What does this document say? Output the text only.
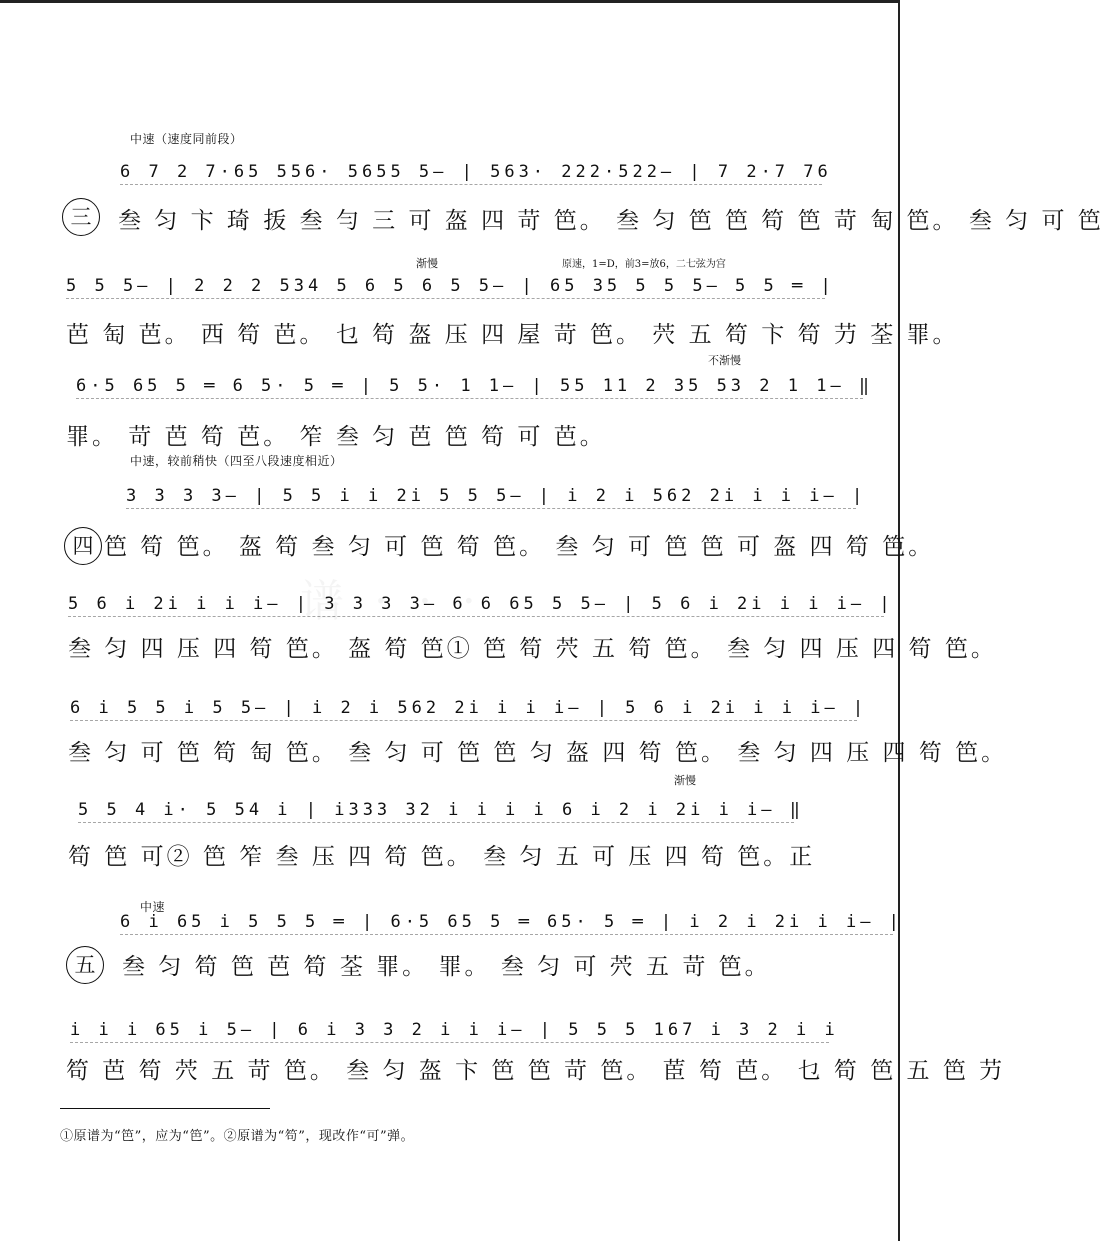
中速（速度同前段）
6 7 2 7·65 556· 5655 5— | 563· 222·522— | 7 2·7 76
三	叁 匀 卞 琦 㧞 叁 勻 三 可 盔 四 苛 笆。 叁 匀 笆 笆 笱 笆 苛 匋 笆。 叁 匀 可 笆
渐慢	原速，1=D，前3=放6，二七弦为宫
5 5 5— | 2 2 2 534 5 6 5 6 5 5— | 65 35 5 5 5— 5 5 ═ |
芭 匋 芭。 西 笱 芭。 乜 笱 盔 压 四 屋 苛 笆。 茓 五 笱 卞 笱 芀 荃 罪。
不渐慢
6·5 65 5 ═ 6 5· 5 ═ | 5 5· 1 1— | 55 11 2 35 53 2 1 1— ‖
罪。 苛 芭 笱 芭。 笮 叁 匀 芭 笆 笱 可 芭。
中速，较前稍快（四至八段速度相近）
3 3 3 3— | 5 5 i i 2i 5 5 5— | i 2 i 562 2i i i i— |
四 笆 笱 笆。 盔 笱 叁 匀 可 笆 笱 笆。 叁 匀 可 笆 笆 可 盔 四 笱 笆。
5 6 i 2i i i i— | 3 3 3 3— 6 6 65 5 5— | 5 6 i 2i i i i— |
叁 匀 四 压 四 笱 笆。 盔 笱 笆① 笆 笱 茓 五 笱 笆。 叁 匀 四 压 四 笱 笆。
6 i 5 5 i 5 5— | i 2 i 562 2i i i i— | 5 6 i 2i i i i— |
叁 匀 可 笆 笱 匋 笆。 叁 匀 可 笆 笆 匀 盔 四 笱 笆。 叁 匀 四 压 四 笱 笆。
渐慢
5 5 4 i· 5 54 i | i333 32 i i i i 6 i 2 i 2i i i— ‖
笱 笆 可② 笆 笮 叁 压 四 笱 笆。 叁 匀 五 可 压 四 笱 笆。正
中速
6 i 65 i 5 5 5 ═ | 6·5 65 5 ═ 65· 5 ═ | i 2 i 2i i i— |
五	叁 匀 笱 笆 芭 笱 荃 罪。 罪。 叁 匀 可 茓 五 苛 笆。
i i i 65 i 5— | 6 i 3 3 2 i i i— | 5 5 5 167 i 3 2 i i
笱 芭 笱 茓 五 苛 笆。 叁 匀 盔 卞 笆 笆 苛 笆。 茞 笱 芭。 乜 笱 笆 五 笆 芀
①原谱为“笆”，应为“笆”。②原谱为“笱”，现改作“可”弹。
